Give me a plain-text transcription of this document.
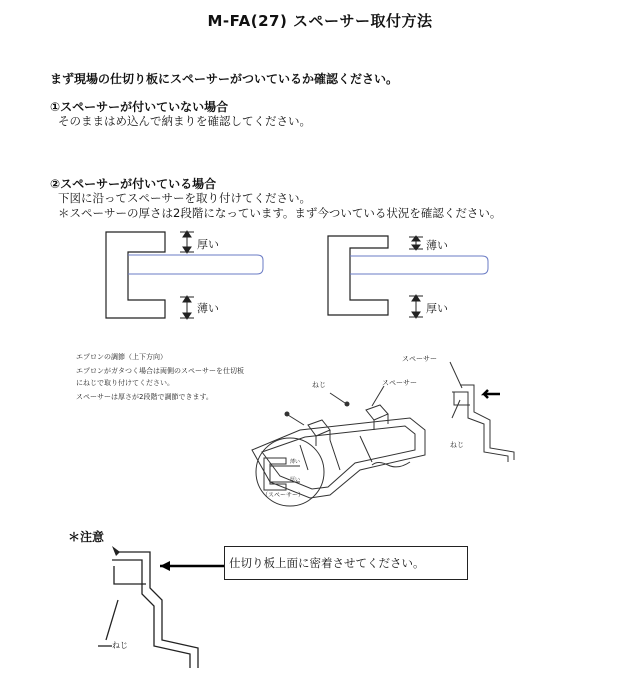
M-FA(27) スペーサー取付方法
まず現場の仕切り板にスペーサーがついているか確認ください。
①スペーサーが付いていない場合
そのままはめ込んで納まりを確認してください。
②スペーサーが付いている場合
下図に沿ってスペーサーを取り付けてください。
＊スペーサーの厚さは2段階になっています。まず今ついている状況を確認ください。
厚い
薄い
薄い
厚い
エプロンの調節（上下方向）
エプロンがガタつく場合は両側のスペーサーを仕切板
にねじで取り付けてください。
スペーサーは厚さが2段階で調節できます。
ねじ	スペーサー
スペーサー
ねじ
（スペーサー）
薄い
厚い
＊注意
仕切り板上面に密着させてください。
ねじ
